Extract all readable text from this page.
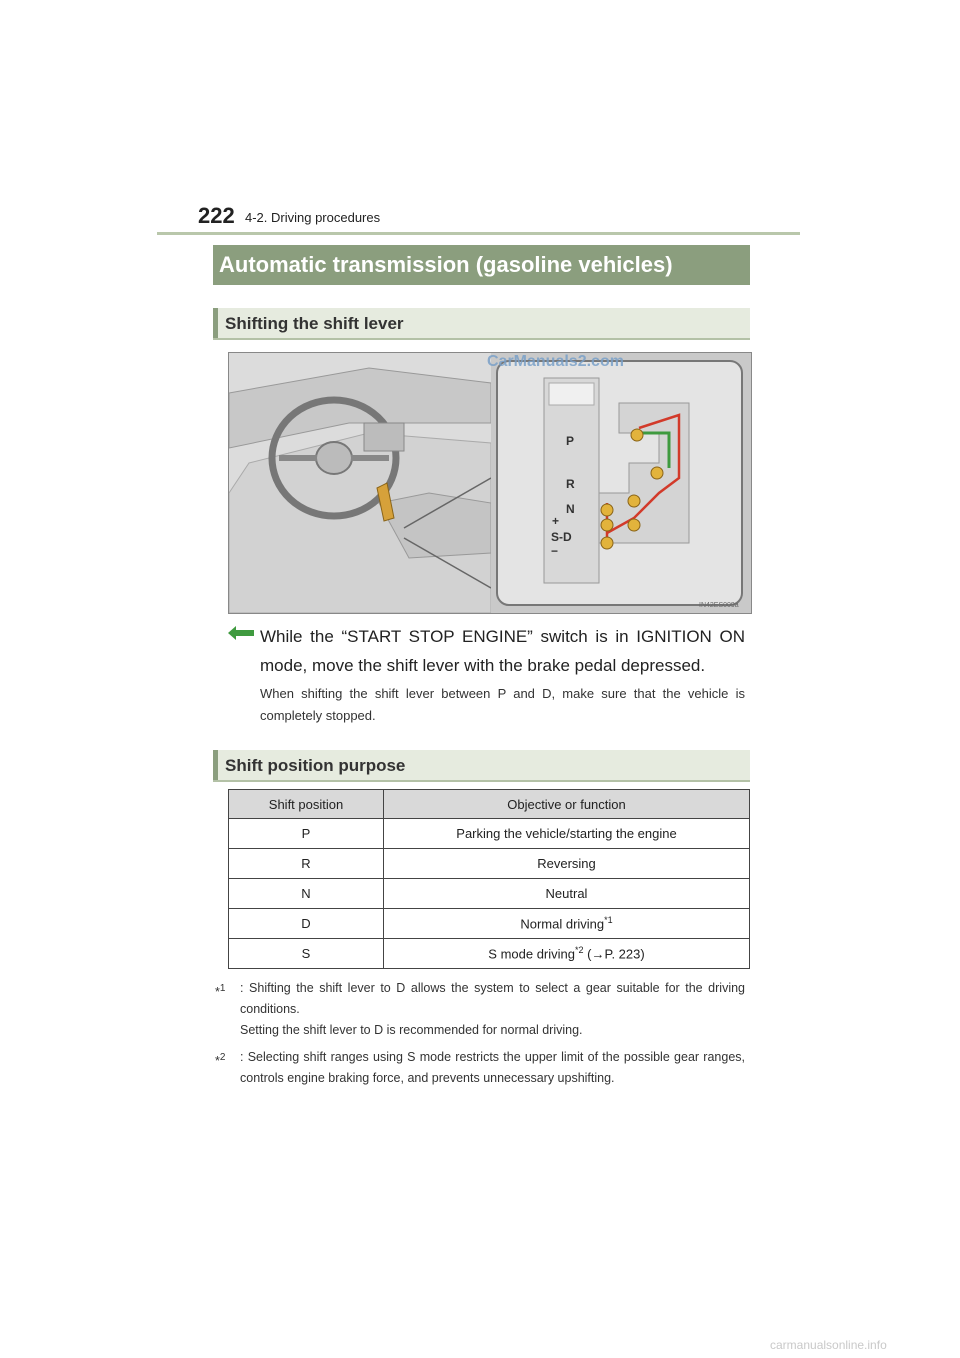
222 4-2. Driving procedures
Automatic transmission (gasoline vehicles)
Shifting the shift lever
P
R
N
+
S-D
−
IN42ES009a
CarManuals2.com
While the “START STOP ENGINE” switch is in IGNITION ON mode, move the shift lever with the brake pedal depressed.
When shifting the shift lever between P and D, make sure that the vehicle is completely stopped.
Shift position purpose
Shift position	Objective or function
P	Parking the vehicle/starting the engine
R	Reversing
N	Neutral
D	Normal driving$^{*1}$
S	S mode driving$^{*2}$ (→P. 223)
*$^1$ : Shifting the shift lever to D allows the system to select a gear suitable for the driving conditions.
Setting the shift lever to D is recommended for normal driving.
*$^2$ : Selecting shift ranges using S mode restricts the upper limit of the possible gear ranges, controls engine braking force, and prevents unnecessary upshifting.
carmanualsonline.info
